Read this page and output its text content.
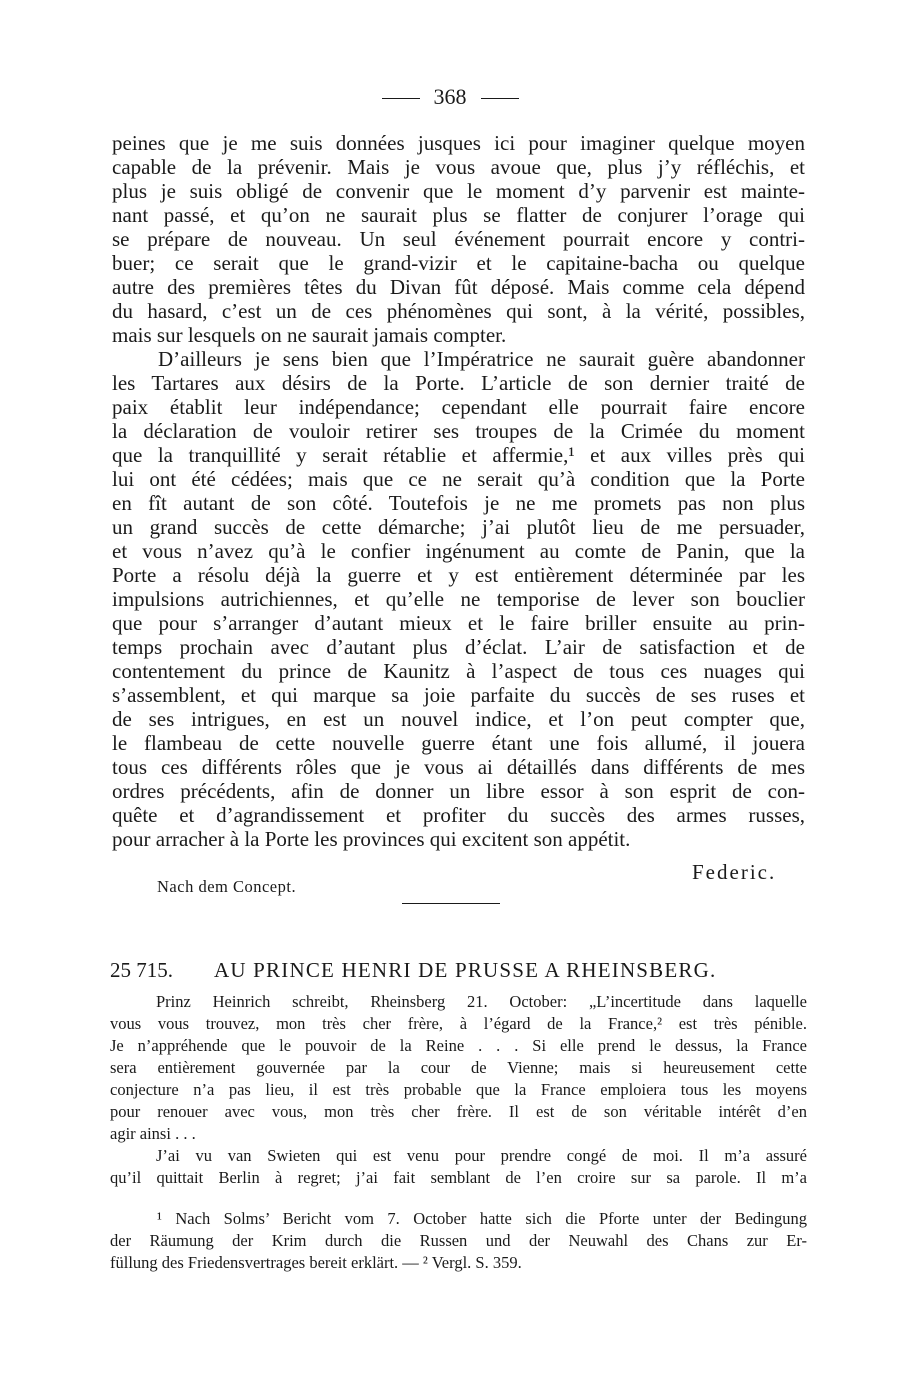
368
peines que je me suis données jusques ici pour imaginer quelque moyen
capable de la prévenir. Mais je vous avoue que, plus j’y réfléchis, et
plus je suis obligé de convenir que le moment d’y parvenir est mainte-
nant passé, et qu’on ne saurait plus se flatter de conjurer l’orage qui
se prépare de nouveau. Un seul événement pourrait encore y contri-
buer; ce serait que le grand-vizir et le capitaine-bacha ou quelque
autre des premières têtes du Divan fût déposé. Mais comme cela dépend
du hasard, c’est un de ces phénomènes qui sont, à la vérité, possibles,
mais sur lesquels on ne saurait jamais compter.
D’ailleurs je sens bien que l’Impératrice ne saurait guère abandonner
les Tartares aux désirs de la Porte. L’article de son dernier traité de
paix établit leur indépendance; cependant elle pourrait faire encore
la déclaration de vouloir retirer ses troupes de la Crimée du moment
que la tranquillité y serait rétablie et affermie,¹ et aux villes près qui
lui ont été cédées; mais que ce ne serait qu’à condition que la Porte
en fît autant de son côté. Toutefois je ne me promets pas non plus
un grand succès de cette démarche; j’ai plutôt lieu de me persuader,
et vous n’avez qu’à le confier ingénument au comte de Panin, que la
Porte a résolu déjà la guerre et y est entièrement déterminée par les
impulsions autrichiennes, et qu’elle ne temporise de lever son bouclier
que pour s’arranger d’autant mieux et le faire briller ensuite au prin-
temps prochain avec d’autant plus d’éclat. L’air de satisfaction et de
contentement du prince de Kaunitz à l’aspect de tous ces nuages qui
s’assemblent, et qui marque sa joie parfaite du succès de ses ruses et
de ses intrigues, en est un nouvel indice, et l’on peut compter que,
le flambeau de cette nouvelle guerre étant une fois allumé, il jouera
tous ces différents rôles que je vous ai détaillés dans différents de mes
ordres précédents, afin de donner un libre essor à son esprit de con-
quête et d’agrandissement et profiter du succès des armes russes,
pour arracher à la Porte les provinces qui excitent son appétit.
Federic.
Nach dem Concept.
25 715. AU PRINCE HENRI DE PRUSSE A RHEINSBERG.
Prinz Heinrich schreibt, Rheinsberg 21. October: „L’incertitude dans laquelle
vous vous trouvez, mon très cher frère, à l’égard de la France,² est très pénible.
Je n’appréhende que le pouvoir de la Reine . . . Si elle prend le dessus, la France
sera entièrement gouvernée par la cour de Vienne; mais si heureusement cette
conjecture n’a pas lieu, il est très probable que la France emploiera tous les moyens
pour renouer avec vous, mon très cher frère. Il est de son véritable intérêt d’en
agir ainsi . . .
J’ai vu van Swieten qui est venu pour prendre congé de moi. Il m’a assuré
qu’il quittait Berlin à regret; j’ai fait semblant de l’en croire sur sa parole. Il m’a
¹ Nach Solms’ Bericht vom 7. October hatte sich die Pforte unter der Bedingung
der Räumung der Krim durch die Russen und der Neuwahl des Chans zur Er-
füllung des Friedensvertrages bereit erklärt. — ² Vergl. S. 359.
